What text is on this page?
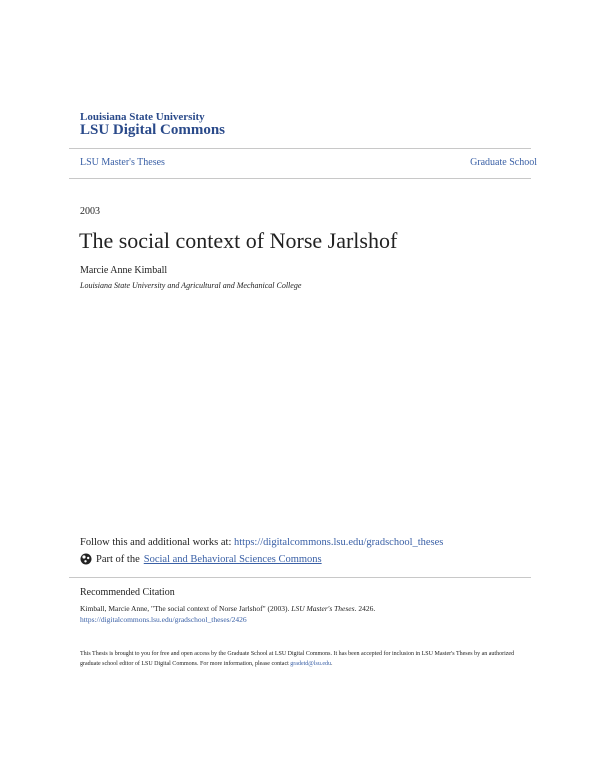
Louisiana State University
LSU Digital Commons
LSU Master's Theses	Graduate School
2003
The social context of Norse Jarlshof
Marcie Anne Kimball
Louisiana State University and Agricultural and Mechanical College
Follow this and additional works at: https://digitalcommons.lsu.edu/gradschool_theses
Part of the Social and Behavioral Sciences Commons
Recommended Citation
Kimball, Marcie Anne, "The social context of Norse Jarlshof" (2003). LSU Master's Theses. 2426.
https://digitalcommons.lsu.edu/gradschool_theses/2426
This Thesis is brought to you for free and open access by the Graduate School at LSU Digital Commons. It has been accepted for inclusion in LSU Master's Theses by an authorized graduate school editor of LSU Digital Commons. For more information, please contact gradetd@lsu.edu.
